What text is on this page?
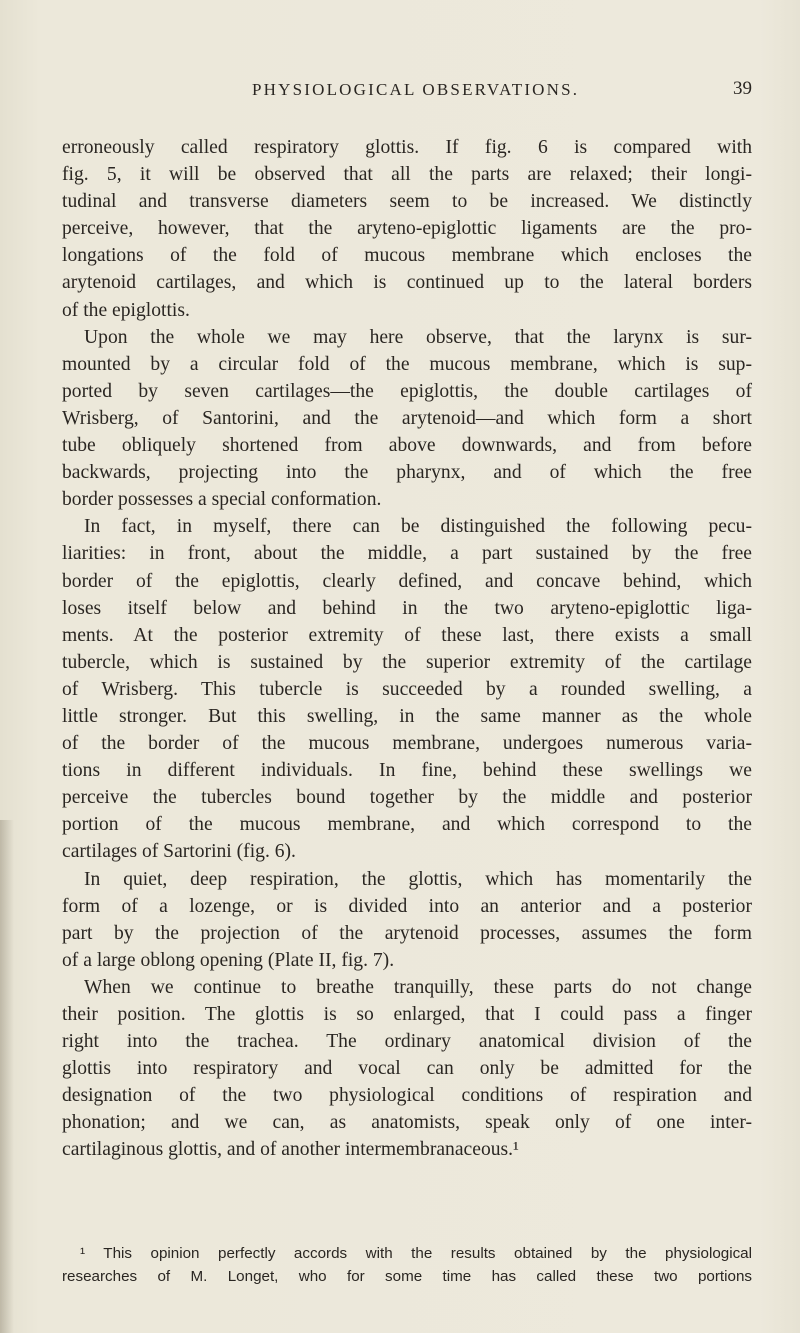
PHYSIOLOGICAL OBSERVATIONS.	39
erroneously called respiratory glottis. If fig. 6 is compared with
fig. 5, it will be observed that all the parts are relaxed; their longi-
tudinal and transverse diameters seem to be increased. We distinctly
perceive, however, that the aryteno-epiglottic ligaments are the pro-
longations of the fold of mucous membrane which encloses the
arytenoid cartilages, and which is continued up to the lateral borders
of the epiglottis.
Upon the whole we may here observe, that the larynx is sur-
mounted by a circular fold of the mucous membrane, which is sup-
ported by seven cartilages—the epiglottis, the double cartilages of
Wrisberg, of Santorini, and the arytenoid—and which form a short
tube obliquely shortened from above downwards, and from before
backwards, projecting into the pharynx, and of which the free
border possesses a special conformation.
In fact, in myself, there can be distinguished the following pecu-
liarities: in front, about the middle, a part sustained by the free
border of the epiglottis, clearly defined, and concave behind, which
loses itself below and behind in the two aryteno-epiglottic liga-
ments. At the posterior extremity of these last, there exists a small
tubercle, which is sustained by the superior extremity of the cartilage
of Wrisberg. This tubercle is succeeded by a rounded swelling, a
little stronger. But this swelling, in the same manner as the whole
of the border of the mucous membrane, undergoes numerous varia-
tions in different individuals. In fine, behind these swellings we
perceive the tubercles bound together by the middle and posterior
portion of the mucous membrane, and which correspond to the
cartilages of Sartorini (fig. 6).
In quiet, deep respiration, the glottis, which has momentarily the
form of a lozenge, or is divided into an anterior and a posterior
part by the projection of the arytenoid processes, assumes the form
of a large oblong opening (Plate II, fig. 7).
When we continue to breathe tranquilly, these parts do not change
their position. The glottis is so enlarged, that I could pass a finger
right into the trachea. The ordinary anatomical division of the
glottis into respiratory and vocal can only be admitted for the
designation of the two physiological conditions of respiration and
phonation; and we can, as anatomists, speak only of one inter-
cartilaginous glottis, and of another intermembranaceous.¹
¹ This opinion perfectly accords with the results obtained by the physiological
researches of M. Longet, who for some time has called these two portions
